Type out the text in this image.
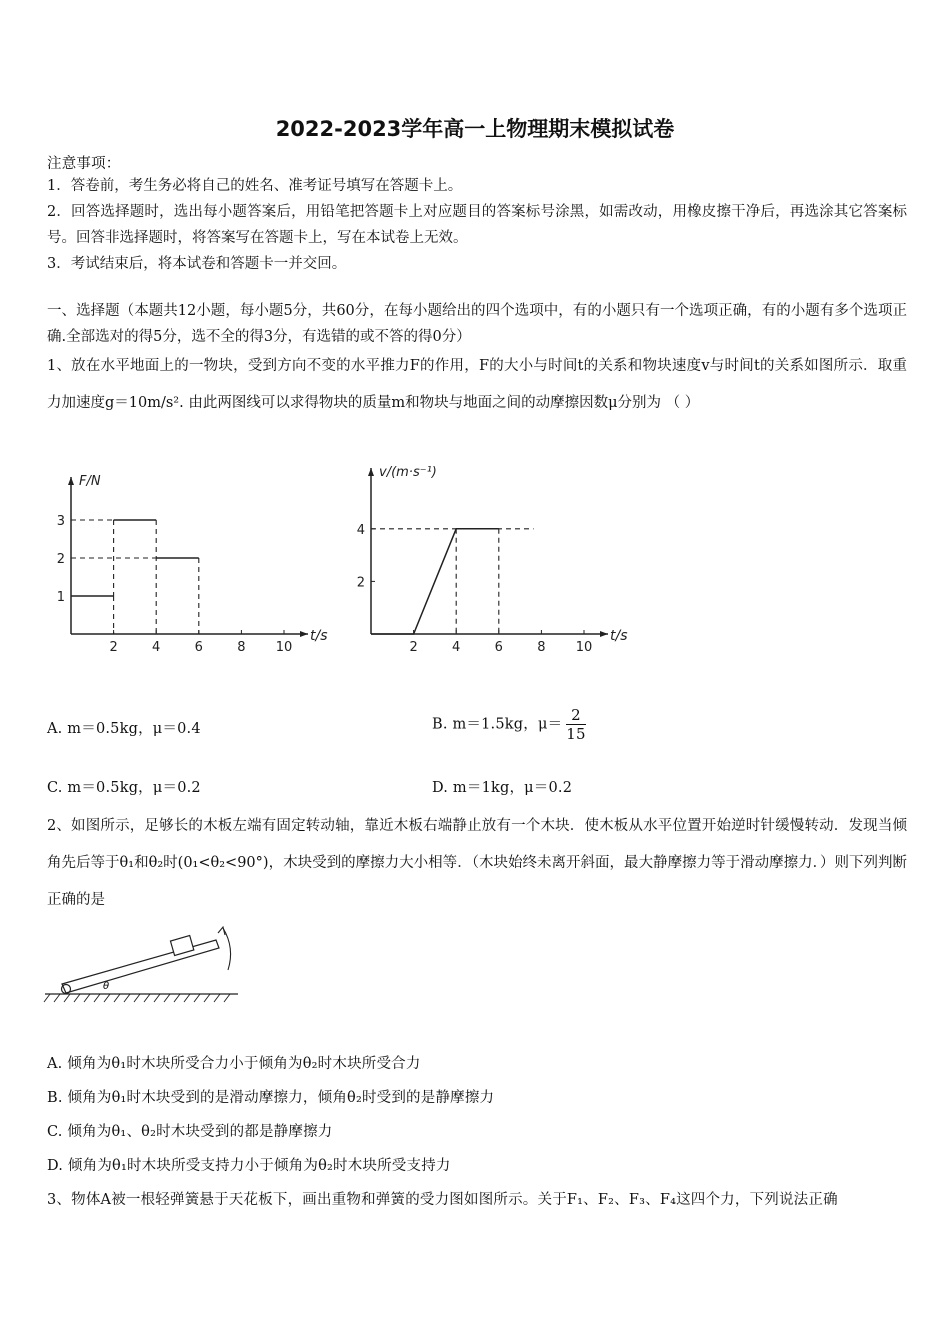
2022-2023学年高一上物理期末模拟试卷
注意事项：
1．答卷前，考生务必将自己的姓名、准考证号填写在答题卡上。
2．回答选择题时，选出每小题答案后，用铅笔把答题卡上对应题目的答案标号涂黑，如需改动，用橡皮擦干净后，再选涂其它答案标号。回答非选择题时，将答案写在答题卡上，写在本试卷上无效。
3．考试结束后，将本试卷和答题卡一并交回。
一、选择题（本题共12小题，每小题5分，共60分，在每小题给出的四个选项中，有的小题只有一个选项正确，有的小题有多个选项正确.全部选对的得5分，选不全的得3分，有选错的或不答的得0分）
1、放在水平地面上的一物块，受到方向不变的水平推力F的作用，F的大小与时间t的关系和物块速度v与时间t的关系如图所示．取重力加速度g＝10m/s². 由此两图线可以求得物块的质量m和物块与地面之间的动摩擦因数μ分别为 （ ）
2	4	6	8 10
1
2
3
t/s
F/N
2	4	6	8 10
2
4
t/s
v/(m·s⁻¹)
A. m＝0.5kg，μ＝0.4	B. m＝1.5kg，$\mu= \frac{2}{15}$
C. m＝0.5kg，μ＝0.2	D. m＝1kg，μ＝0.2
2、如图所示，足够长的木板左端有固定转动轴，靠近木板右端静止放有一个木块．使木板从水平位置开始逆时针缓慢转动．发现当倾角先后等于θ₁和θ₂时(0₁<θ₂<90°)，木块受到的摩擦力大小相等．（木块始终未离开斜面，最大静摩擦力等于滑动摩擦力．）则下列判断正确的是
θ
A. 倾角为θ₁时木块所受合力小于倾角为θ₂时木块所受合力
B. 倾角为θ₁时木块受到的是滑动摩擦力，倾角θ₂时受到的是静摩擦力
C. 倾角为θ₁、θ₂时木块受到的都是静摩擦力
D. 倾角为θ₁时木块所受支持力小于倾角为θ₂时木块所受支持力
3、物体A被一根轻弹簧悬于天花板下，画出重物和弹簧的受力图如图所示。关于F₁、F₂、F₃、F₄这四个力，下列说法正确
